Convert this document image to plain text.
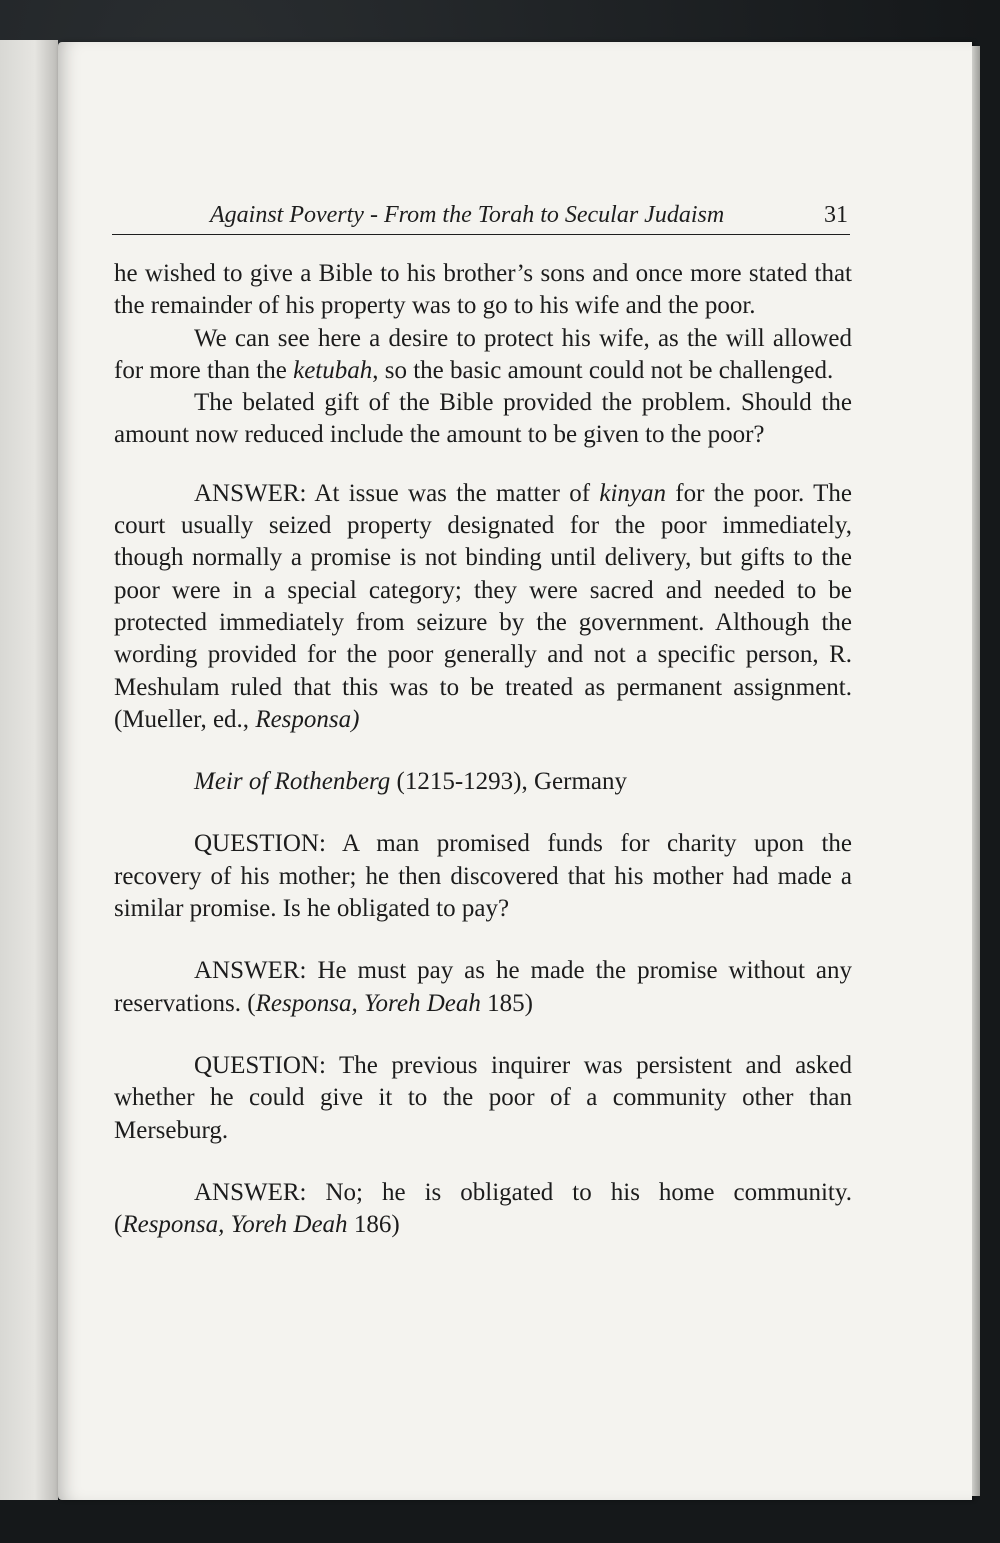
Against Poverty - From the Torah to Secular Judaism	31

he wished to give a Bible to his brother’s sons and once more stated that the remainder of his property was to go to his wife and the poor.

We can see here a desire to protect his wife, as the will allowed for more than the ketubah, so the basic amount could not be challenged.

The belated gift of the Bible provided the problem. Should the amount now reduced include the amount to be given to the poor?

ANSWER: At issue was the matter of kinyan for the poor. The court usually seized property designated for the poor immediately, though normally a promise is not binding until delivery, but gifts to the poor were in a special category; they were sacred and needed to be protected immediately from seizure by the government. Although the wording provided for the poor generally and not a specific person, R. Meshulam ruled that this was to be treated as permanent assignment. (Mueller, ed., Responsa)

Meir of Rothenberg (1215-1293), Germany

QUESTION: A man promised funds for charity upon the recovery of his mother; he then discovered that his mother had made a similar promise. Is he obligated to pay?

ANSWER: He must pay as he made the promise without any reservations. (Responsa, Yoreh Deah 185)

QUESTION: The previous inquirer was persistent and asked whether he could give it to the poor of a community other than Merseburg.

ANSWER: No; he is obligated to his home community. (Responsa, Yoreh Deah 186)
